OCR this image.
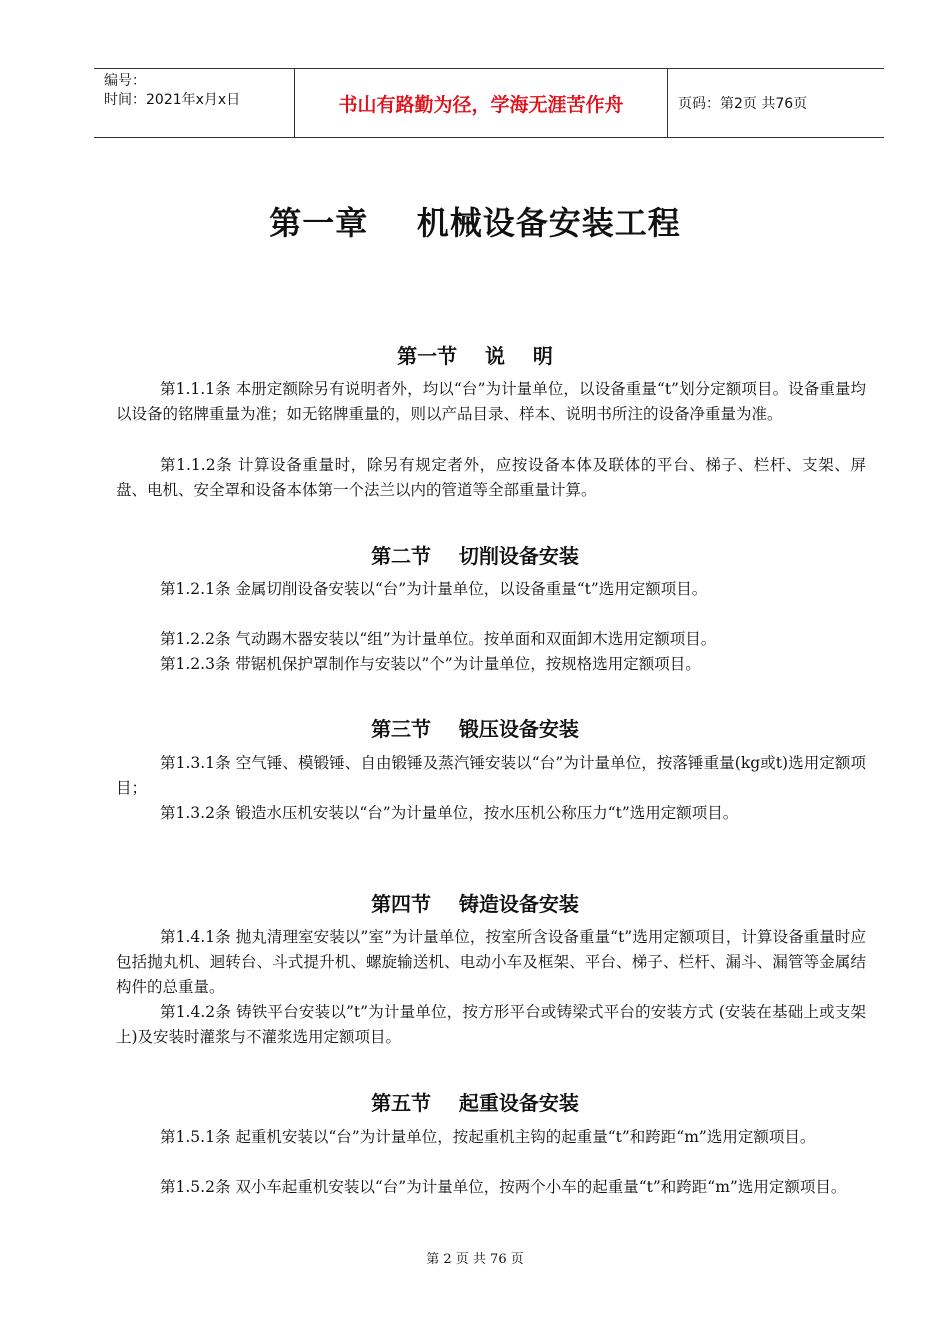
编号：
时间：2021年x月x日	书山有路勤为径，学海无涯苦作舟	页码：第2页 共76页
第一章    机械设备安装工程
第一节    说    明

第1.1.1条 本册定额除另有说明者外，均以“台”为计量单位，以设备重量“t”划分定额项目。设备重量均以设备的铭牌重量为准；如无铭牌重量的，则以产品目录、样本、说明书所注的设备净重量为准。

第1.1.2条 计算设备重量时，除另有规定者外，应按设备本体及联体的平台、梯子、栏杆、支架、屏盘、电机、安全罩和设备本体第一个法兰以内的管道等全部重量计算。

第二节    切削设备安装

第1.2.1条 金属切削设备安装以“台”为计量单位，以设备重量“t”选用定额项目。

第1.2.2条 气动踢木器安装以“组”为计量单位。按单面和双面卸木选用定额项目。

第1.2.3条 带锯机保护罩制作与安装以”个”为计量单位，按规格选用定额项目。

第三节    锻压设备安装

第1.3.1条 空气锤、模锻锤、自由锻锤及蒸汽锤安装以“台”为计量单位，按落锤重量(kg或t)选用定额项目；

第1.3.2条 锻造水压机安装以“台”为计量单位，按水压机公称压力“t”选用定额项目。

第四节    铸造设备安装

第1.4.1条 抛丸清理室安装以”室”为计量单位，按室所含设备重量“t”选用定额项目，计算设备重量时应包括抛丸机、迴转台、斗式提升机、螺旋输送机、电动小车及框架、平台、梯子、栏杆、漏斗、漏管等金属结构件的总重量。

第1.4.2条 铸铁平台安装以”t”为计量单位，按方形平台或铸梁式平台的安装方式 (安装在基础上或支架上)及安装时灌浆与不灌浆选用定额项目。

第五节    起重设备安装

第1.5.1条 起重机安装以“台”为计量单位，按起重机主钩的起重量“t”和跨距“m”选用定额项目。

第1.5.2条 双小车起重机安装以“台”为计量单位，按两个小车的起重量“t”和跨距“m”选用定额项目。

第 2 页 共 76 页
